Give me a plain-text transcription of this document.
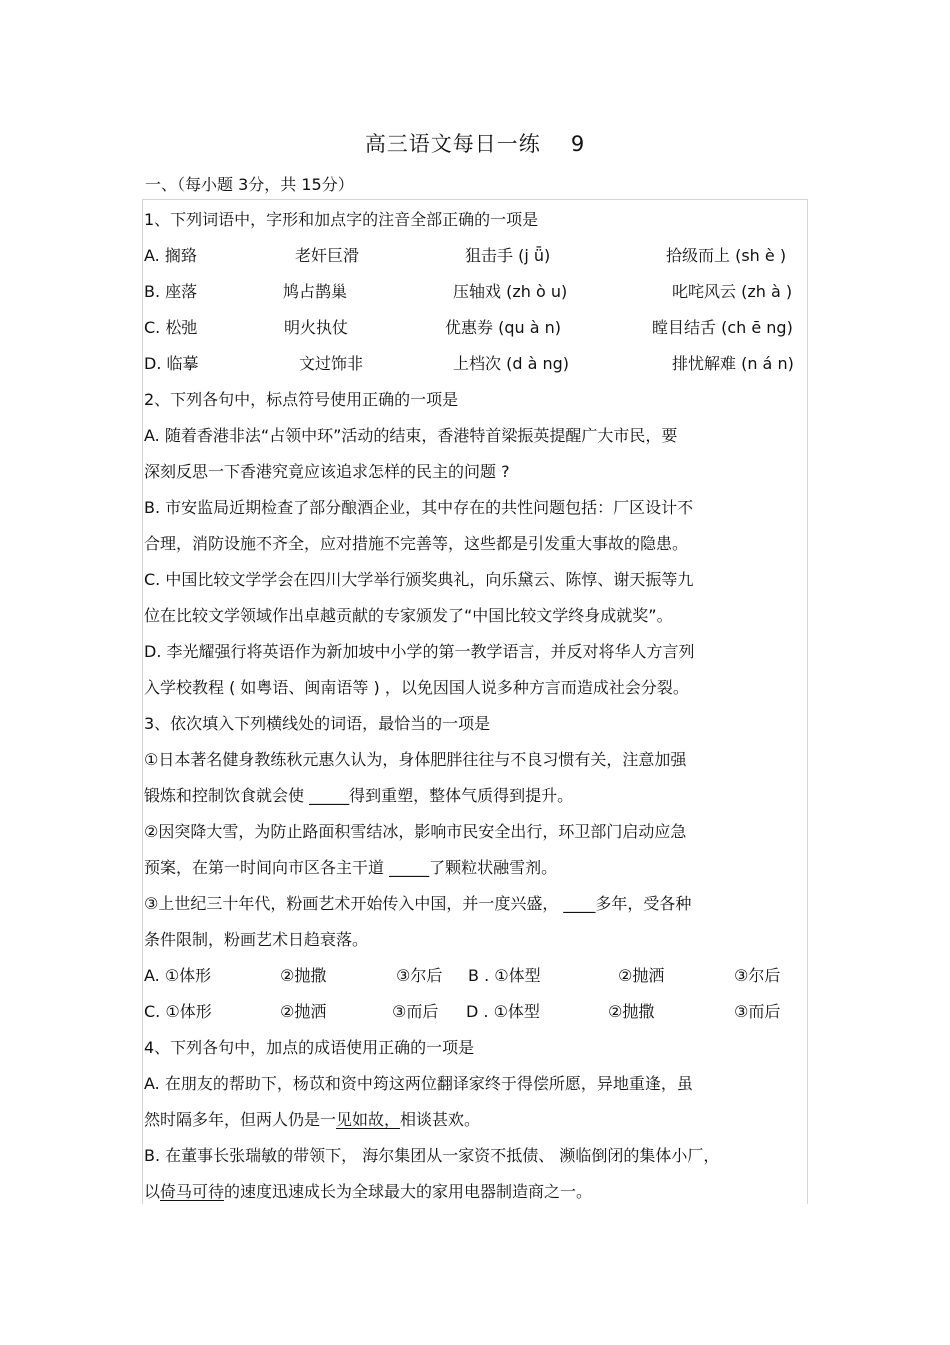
高三语文每日一练 9
一、（每小题 3分，共 15分）
1、下列词语中，字形和加点字的注音全部正确的一项是
A. 搁臵	老奸巨滑	狙击手 (j ǖ)	拾级而上 (sh è )
B. 座落	鸠占鹊巢	压轴戏 (zh ò u)	叱咤风云 (zh à )
C. 松弛	明火执仗	优惠券 (qu à n)	瞠目结舌 (ch ē ng)
D. 临摹	文过饰非	上档次 (d à ng)	排忧解难 (n á n)
2、下列各句中，标点符号使用正确的一项是
A. 随着香港非法“占领中环”活动的结束，香港特首梁振英提醒广大市民，要
深刻反思一下香港究竟应该追求怎样的民主的问题 ?
B. 市安监局近期检查了部分酿酒企业，其中存在的共性问题包括：厂区设计不
合理，消防设施不齐全，应对措施不完善等，这些都是引发重大事故的隐患。
C. 中国比较文学学会在四川大学举行颁奖典礼，向乐黛云、陈惇、谢天振等九
位在比较文学领域作出卓越贡献的专家颁发了“中国比较文学终身成就奖”。
D. 李光耀强行将英语作为新加坡中小学的第一教学语言，并反对将华人方言列
入学校教程 ( 如粤语、闽南语等 ) ，以免因国人说多种方言而造成社会分裂。
3、依次填入下列横线处的词语，最恰当的一项是
①日本著名健身教练秋元惠久认为，身体肥胖往往与不良习惯有关，注意加强
锻炼和控制饮食就会使 _____得到重塑，整体气质得到提升。
②因突降大雪，为防止路面积雪结冰，影响市民安全出行，环卫部门启动应急
预案，在第一时间向市区各主干道 _____了颗粒状融雪剂。
③上世纪三十年代，粉画艺术开始传入中国，并一度兴盛， ____多年，受各种
条件限制，粉画艺术日趋衰落。
A. ①体形	②抛撒	③尔后 B . ①体型	②抛洒	③尔后
C. ①体形	②抛洒	③而后 D . ①体型	②抛撒	③而后
4、下列各句中，加点的成语使用正确的一项是
A. 在朋友的帮助下，杨苡和资中筠这两位翻译家终于得偿所愿，异地重逢，虽
然时隔多年，但两人仍是一见如故，相谈甚欢。
B. 在董事长张瑞敏的带领下， 海尔集团从一家资不抵债、 濒临倒闭的集体小厂，
以倚马可待的速度迅速成长为全球最大的家用电器制造商之一。
